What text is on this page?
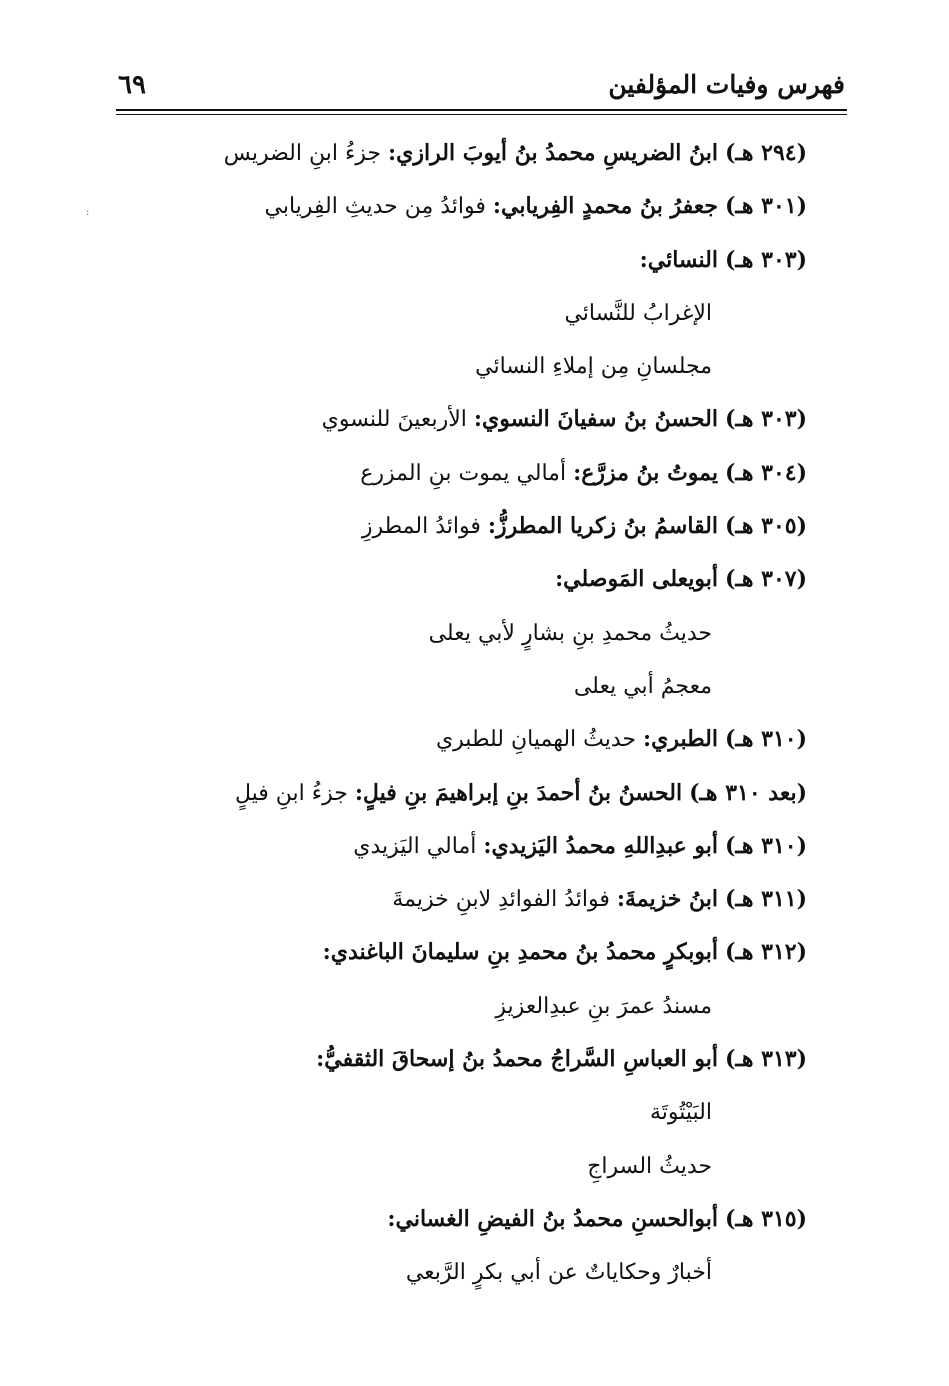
٦٩	فهرس وفيات المؤلفين
:
(٢٩٤ هـ) ابنُ الضريسِ محمدُ بنُ أيوبَ الرازي: جزءُ ابنِ الضريس
(٣٠١ هـ) جعفرُ بنُ محمدٍ الفِريابي: فوائدُ مِن حديثِ الفِريابي
(٣٠٣ هـ) النسائي:
الإغرابُ للنَّسائي
مجلسانِ مِن إملاءِ النسائي
(٣٠٣ هـ) الحسنُ بنُ سفيانَ النسوي: الأربعينَ للنسوي
(٣٠٤ هـ) يموتُ بنُ مزرَّع: أمالي يموت بنِ المزرع
(٣٠٥ هـ) القاسمُ بنُ زكريا المطرزُّ: فوائدُ المطرزِ
(٣٠٧ هـ) أبويعلى المَوصلي:
حديثُ محمدِ بنِ بشارٍ لأبي يعلى
معجمُ أبي يعلى
(٣١٠ هـ) الطبري: حديثُ الهميانِ للطبري
(بعد ٣١٠ هـ) الحسنُ بنُ أحمدَ بنِ إبراهيمَ بنِ فيلٍ: جزءُ ابنِ فيلٍ
(٣١٠ هـ) أبو عبدِاللهِ محمدُ اليَزيدي: أمالي اليَزيدي
(٣١١ هـ) ابنُ خزيمةَ: فوائدُ الفوائدِ لابنِ خزيمةَ
(٣١٢ هـ) أبوبكرٍ محمدُ بنُ محمدِ بنِ سليمانَ الباغندي:
مسندُ عمرَ بنِ عبدِالعزيزِ
(٣١٣ هـ) أبو العباسِ السَّراجُ محمدُ بنُ إسحاقَ الثقفيُّ:
البَيْتُوتَة
حديثُ السراجِ
(٣١٥ هـ) أبوالحسنِ محمدُ بنُ الفيضِ الغساني:
أخبارٌ وحكاياتٌ عن أبي بكرٍ الرَّبعي
